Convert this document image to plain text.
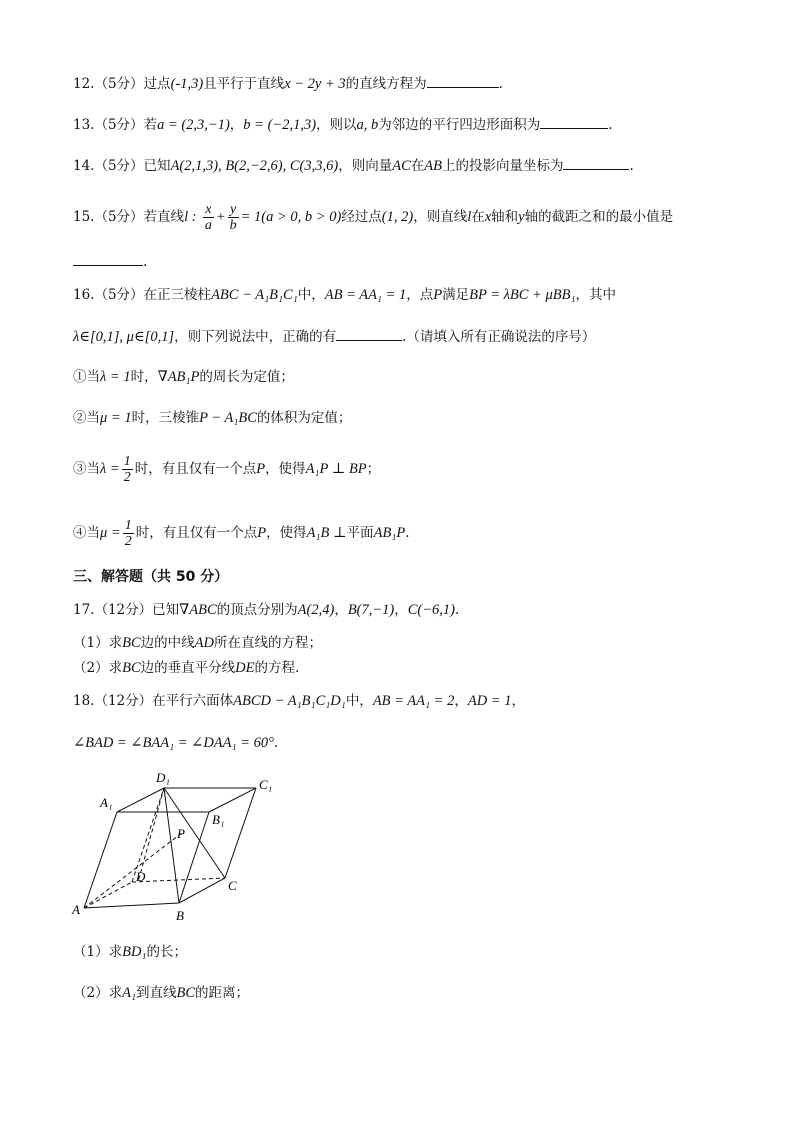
12.（5分）过点(-1,3)且平行于直线x − 2y + 3的直线方程为	.
13.（5分）若a = (2,3,−1)，b = (−2,1,3)，则以a, b为邻边的平行四边形面积为	.
14.（5分）已知A(2,1,3), B(2,−2,6), C(3,3,6)，则向量AC在AB上的投影向量坐标为	.
15.（5分）若直线l : $\frac{x}{a} + \frac{y}{b} = 1(a > 0$, b > 0)经过点(1, 2)，则直线l在x轴和y轴的截距之和的最小值是
.
16.（5分）在正三棱柱ABC − A₁B₁C₁中，AB = AA₁ = 1，点P满足BP = λBC + μBB₁，其中
λ∈[0,1], μ∈[0,1]，则下列说法中，正确的有	.（请填入所有正确说法的序号）
①当λ = 1时，∇AB₁P的周长为定值；
②当μ = 1时，三棱锥P − A₁BC的体积为定值；
③当$\lambda = \frac{1}{2}$ 时，有且仅有一个点P，使得A₁P ⊥ BP；
④当$\mu = \frac{1}{2}$ 时，有且仅有一个点P，使得A₁B ⊥平面AB₁P.
三、解答题（共 50 分）
17.（12分）已知∇ABC的顶点分别为A(2,4)，B(7,−1)，C(−6,1).
（1）求BC边的中线AD所在直线的方程；
（2）求BC边的垂直平分线DE的方程.
18.（12分）在平行六面体ABCD − A₁B₁C₁D₁中，AB = AA₁ = 2，AD = 1，
∠BAD = ∠BAA₁ = ∠DAA₁ = 60°.
A	B
C
D
A₁
B₁
C₁
D₁
P
（1）求BD₁的长；
（2）求A₁到直线BC的距离；
